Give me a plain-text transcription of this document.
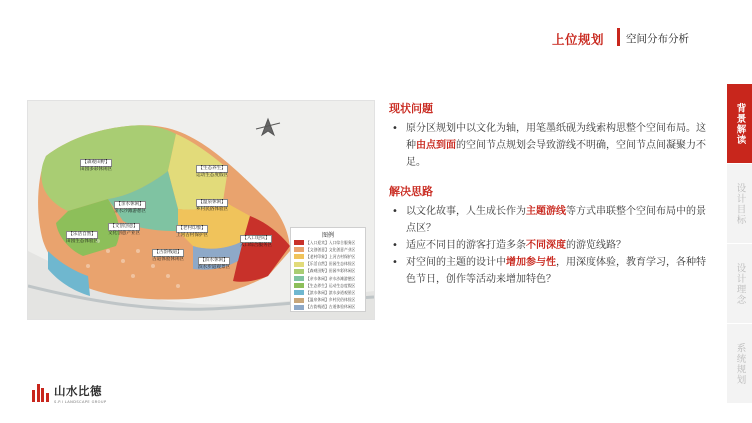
上位规划 空间分布分析
背景解读
设计目标
设计理念
系统规划
【森观田野】
田园多彩休闲区
【乐活自然】
田园生态体验区
【生态养生】
运动生态度假区
【温泉休闲】
乡村民俗体验区
【老村印象】
上河古村保护区
【亲水休闲】
亲水沙滩游憩区
【文创创意】
文化创意产业区
【古韵栈道】
古道体验休闲区
【入口迎宾】
入口综合服务区
【滨水休闲】
滨水步道观景区
图例
【入口迎宾】 入口综合服务区
【文创创意】 文化创意产业区
【老村印象】 上河古村保护区
【乐活自然】 田园生态体验区
【森观田野】 田园多彩休闲区
【亲水休闲】 亲水沙滩游憩区
【生态养生】 运动生态度假区
【滨水休闲】 滨水步道观景区
【温泉休闲】 乡村民俗体验区
【古韵栈道】 古道体验休闲区
现状问题

• 原分区规划中以文化为轴，用笔墨纸砚为线索构思整个空间布局。这种由点到面的空间节点规划会导致游线不明确，空间节点间凝聚力不足。

解决思路

• 以文化故事，人生成长作为主题游线等方式串联整个空间布局中的景点区？

• 适应不同目的游客打造多条不同深度的游览线路？

• 对空间的主题的设计中增加参与性，用深度体验，教育学习，各种特色节日，创作等活动来增加特色？

山水比德
S.P.I LANDSCAPE GROUP
